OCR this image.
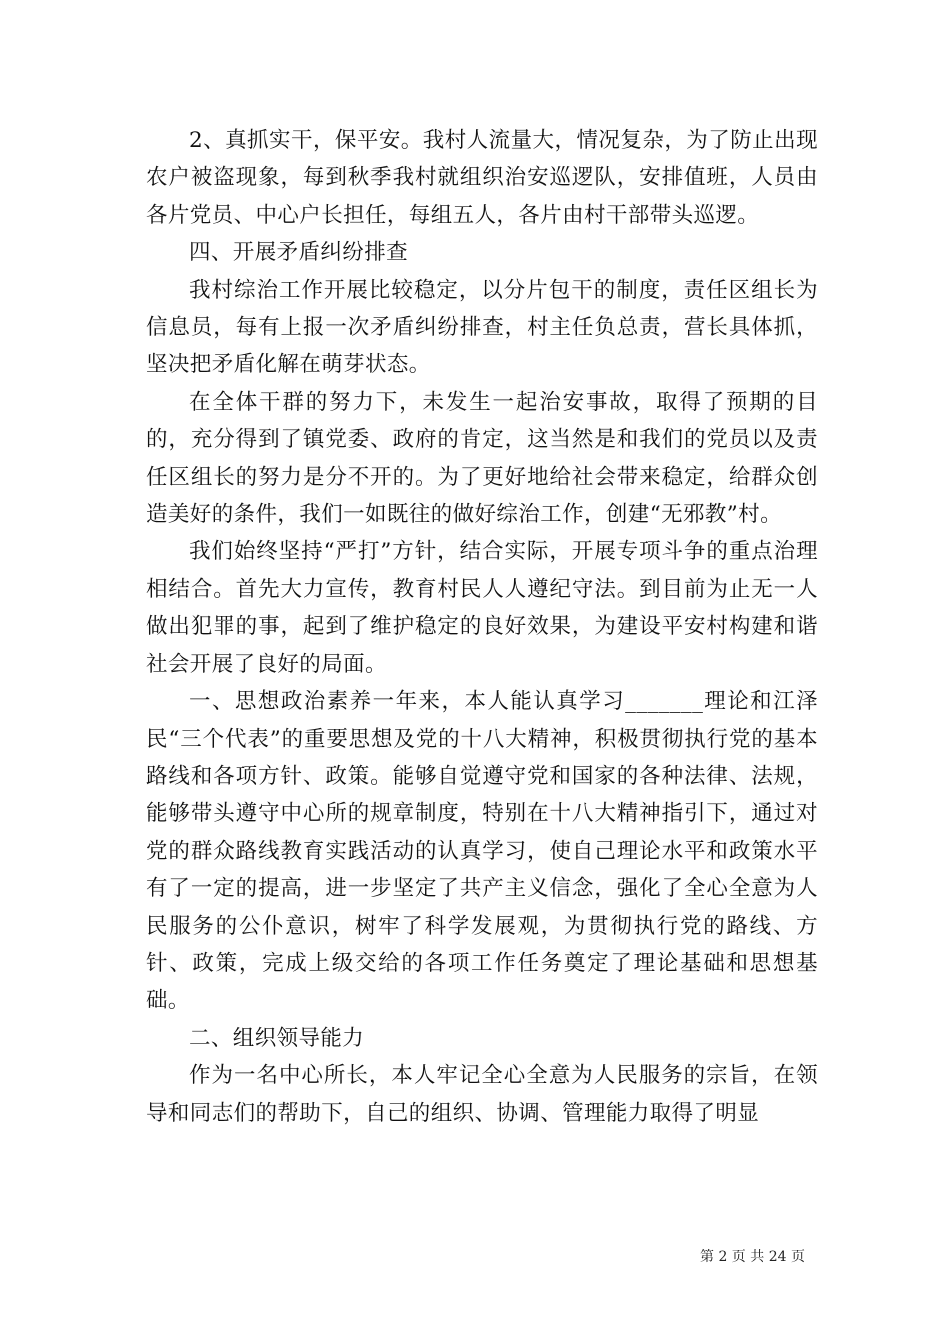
2、真抓实干，保平安。我村人流量大，情况复杂，为了防止出现农户被盗现象，每到秋季我村就组织治安巡逻队，安排值班，人员由各片党员、中心户长担任，每组五人，各片由村干部带头巡逻。

四、开展矛盾纠纷排查

我村综治工作开展比较稳定，以分片包干的制度，责任区组长为信息员，每有上报一次矛盾纠纷排查，村主任负总责，营长具体抓，坚决把矛盾化解在萌芽状态。

在全体干群的努力下，未发生一起治安事故，取得了预期的目的，充分得到了镇党委、政府的肯定，这当然是和我们的党员以及责任区组长的努力是分不开的。为了更好地给社会带来稳定，给群众创造美好的条件，我们一如既往的做好综治工作，创建“无邪教”村。

我们始终坚持“严打”方针，结合实际，开展专项斗争的重点治理相结合。首先大力宣传，教育村民人人遵纪守法。到目前为止无一人做出犯罪的事，起到了维护稳定的良好效果，为建设平安村构建和谐社会开展了良好的局面。

一、思想政治素养一年来，本人能认真学习_______理论和江泽民“三个代表”的重要思想及党的十八大精神，积极贯彻执行党的基本路线和各项方针、政策。能够自觉遵守党和国家的各种法律、法规，能够带头遵守中心所的规章制度，特别在十八大精神指引下，通过对党的群众路线教育实践活动的认真学习，使自己理论水平和政策水平有了一定的提高，进一步坚定了共产主义信念，强化了全心全意为人民服务的公仆意识，树牢了科学发展观，为贯彻执行党的路线、方针、政策，完成上级交给的各项工作任务奠定了理论基础和思想基础。

二、组织领导能力

作为一名中心所长，本人牢记全心全意为人民服务的宗旨，在领导和同志们的帮助下，自己的组织、协调、管理能力取得了明显

第 2 页 共 24 页
